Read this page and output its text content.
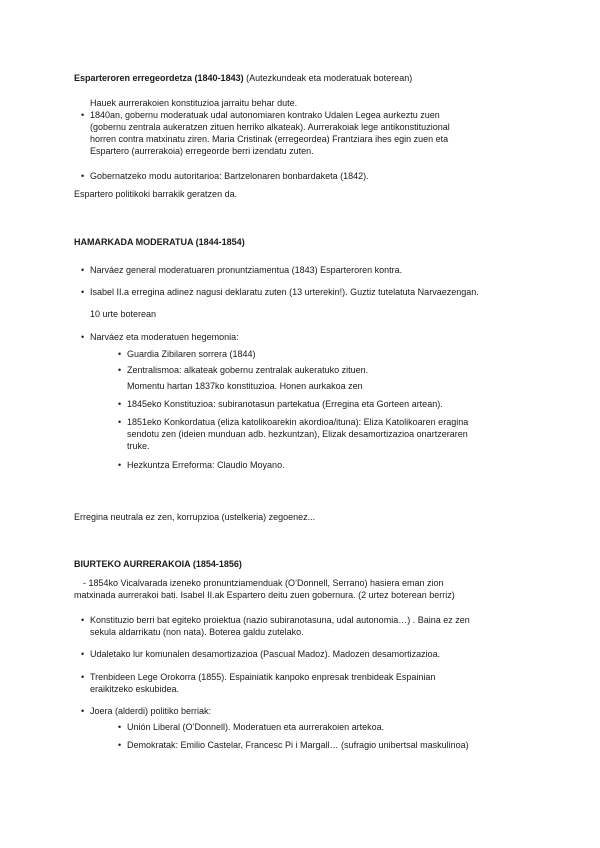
Esparteroren erregeordetza (1840-1843) (Autezkundeak eta moderatuak boterean)
Hauek aurrerakoien konstituzioa jarraitu behar dute.
• 1840an, gobernu moderatuak udal autonomiaren kontrako Udalen Legea aurkeztu zuen
(gobernu zentrala aukeratzen zituen herriko alkateak). Aurrerakoiak lege antikonstituzional
horren contra matxinatu ziren. Maria Cristinak (erregeordea) Frantziara ihes egin zuen eta
Espartero (aurrerakoia) erregeorde berri izendatu zuten.
• Gobernatzeko modu autoritarioa: Bartzelonaren bonbardaketa (1842).
Espartero politikoki barrakik geratzen da.
HAMARKADA MODERATUA (1844-1854)
• Narváez general moderatuaren pronuntziamentua (1843) Esparteroren kontra.
• Isabel II.a erregina adinez nagusi deklaratu zuten (13 urterekin!). Guztiz tutelatuta Narvaezengan.
10 urte boterean
• Narváez eta moderatuen hegemonia:
• Guardia Zibilaren sorrera (1844)
• Zentralismoa: alkateak gobernu zentralak aukeratuko zituen.
Momentu hartan 1837ko konstituzioa. Honen aurkakoa zen
• 1845eko Konstituzioa: subiranotasun partekatua (Erregina eta Gorteen artean).
• 1851eko Konkordatua (eliza katolikoarekin akordioa/ituna): Eliza Katolikoaren eragina
sendotu zen (ideien munduan adb. hezkuntzan), Elizak desamortizazioa onartzeraren
truke.
• Hezkuntza Erreforma: Claudio Moyano.
Erregina neutrala ez zen, korrupzioa (ustelkeria) zegoenez...
BIURTEKO AURRERAKOIA (1854-1856)
- 1854ko Vicalvarada izeneko pronuntziamenduak (O’Donnell, Serrano) hasiera eman zion
matxinada aurrerakoi bati. Isabel II.ak Espartero deitu zuen gobernura. (2 urtez boterean berriz)
• Konstituzio berri bat egiteko proiektua (nazio subiranotasuna, udal autonomia…) . Baina ez zen
sekula aldarrikatu (non nata). Boterea galdu zutelako.
• Udaletako lur komunalen desamortizazioa (Pascual Madoz). Madozen desamortizazioa.
• Trenbideen Lege Orokorra (1855). Espainiatik kanpoko enpresak trenbideak Espainian
eraikitzeko eskubidea.
• Joera (alderdi) politiko berriak:
• Unión Liberal (O’Donnell). Moderatuen eta aurrerakoien artekoa.
• Demokratak: Emilio Castelar, Francesc Pi i Margall… (sufragio unibertsal maskulinoa)
